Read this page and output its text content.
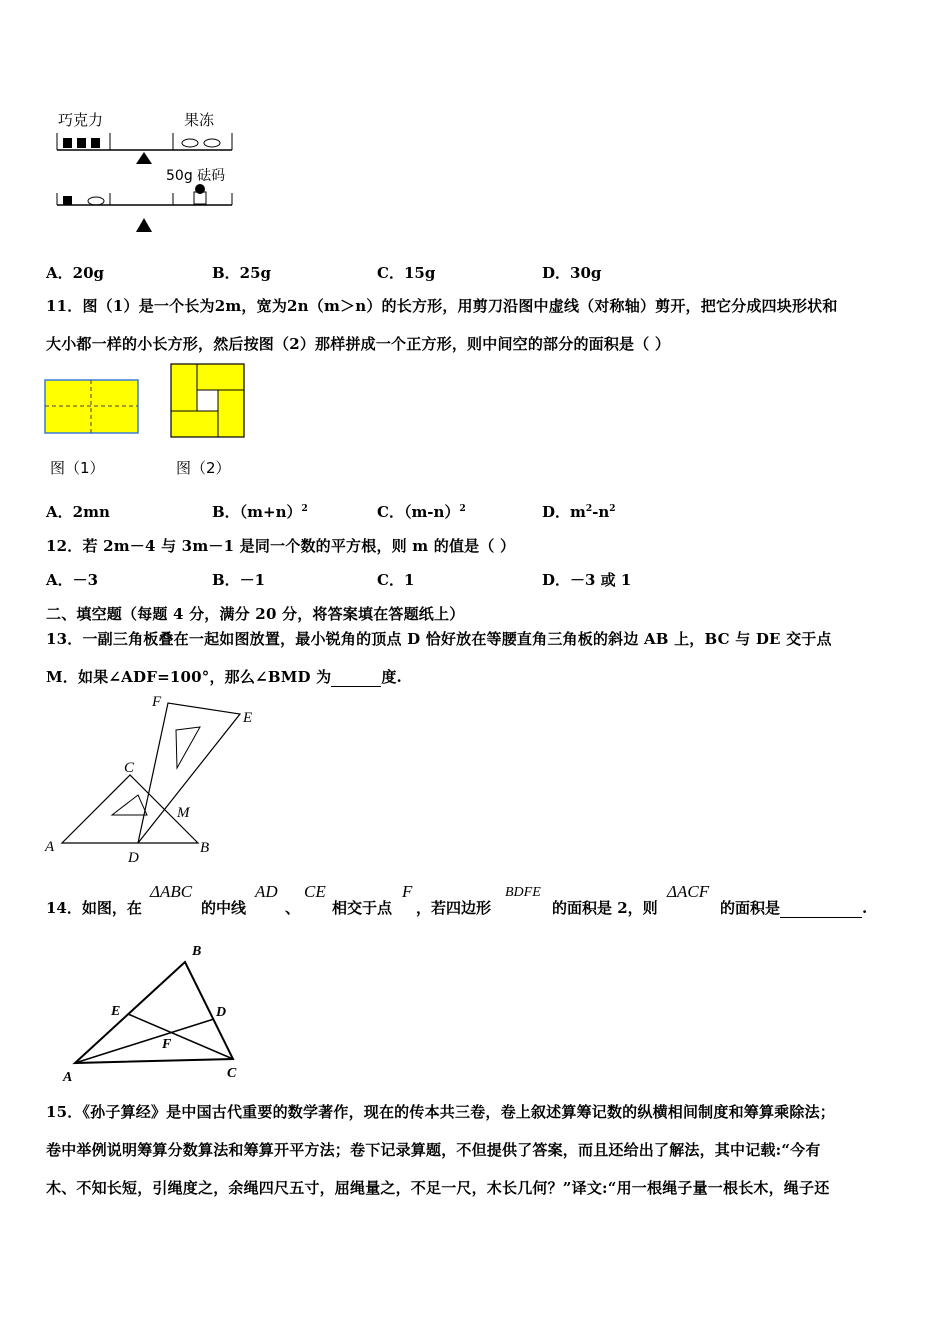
巧克力	果冻
50g 砝码
A．20g	B．25g	C．15g	D．30g
11．图（1）是一个长为2m，宽为2n（m＞n）的长方形，用剪刀沿图中虚线（对称轴）剪开，把它分成四块形状和
大小都一样的小长方形，然后按图（2）那样拼成一个正方形，则中间空的部分的面积是（ ）
图（1）	图（2）
A．2mn	B．$(m+n)^2$	C．$(m-n)^2$	D．$m^2-n^2$
12．若 2m－4 与 3m－1 是同一个数的平方根，则 m 的值是（ ）
A．－3	B．－1	C．1	D．－3 或 1
二、填空题（每题 4 分，满分 20 分，将答案填在答题纸上）
13．一副三角板叠在一起如图放置，最小锐角的顶点 D 恰好放在等腰直角三角板的斜边 AB 上，BC 与 DE 交于点
M．如果∠ADF=100°，那么∠BMD 为	度.
F
E
C
M
A
D
B
14．如图，在
ΔABC
的中线
AD
、
CE
相交于点
F
，若四边形
BDFE
的面积是 2，则
ΔACF
的面积是	.
B
E	D
F
A	C
15．《孙子算经》是中国古代重要的数学著作，现在的传本共三卷，卷上叙述算筹记数的纵横相间制度和筹算乘除法；
卷中举例说明筹算分数算法和筹算开平方法；卷下记录算题，不但提供了答案，而且还给出了解法，其中记载:“今有
木、不知长短，引绳度之，余绳四尺五寸，屈绳量之，不足一尺，木长几何？”译文:“用一根绳子量一根长木，绳子还
